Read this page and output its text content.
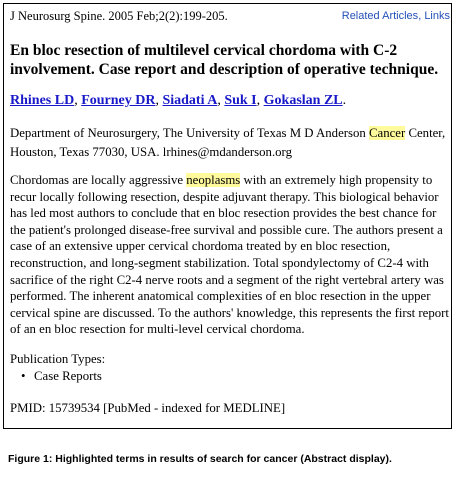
J Neurosurg Spine. 2005 Feb;2(2):199-205.	Related Articles, Links
En bloc resection of multilevel cervical chordoma with C-2 involvement. Case report and description of operative technique.
Rhines LD, Fourney DR, Siadati A, Suk I, Gokaslan ZL.
Department of Neurosurgery, The University of Texas M D Anderson Cancer Center, Houston, Texas 77030, USA. lrhines@mdanderson.org
Chordomas are locally aggressive neoplasms with an extremely high propensity to recur locally following resection, despite adjuvant therapy. This biological behavior has led most authors to conclude that en bloc resection provides the best chance for the patient's prolonged disease-free survival and possible cure. The authors present a case of an extensive upper cervical chordoma treated by en bloc resection, reconstruction, and long-segment stabilization. Total spondylectomy of C2-4 with sacrifice of the right C2-4 nerve roots and a segment of the right vertebral artery was performed. The inherent anatomical complexities of en bloc resection in the upper cervical spine are discussed. To the authors' knowledge, this represents the first report of an en bloc resection for multi-level cervical chordoma.
Publication Types:
• Case Reports
PMID: 15739534 [PubMed - indexed for MEDLINE]
Figure 1: Highlighted terms in results of search for cancer (Abstract display).
